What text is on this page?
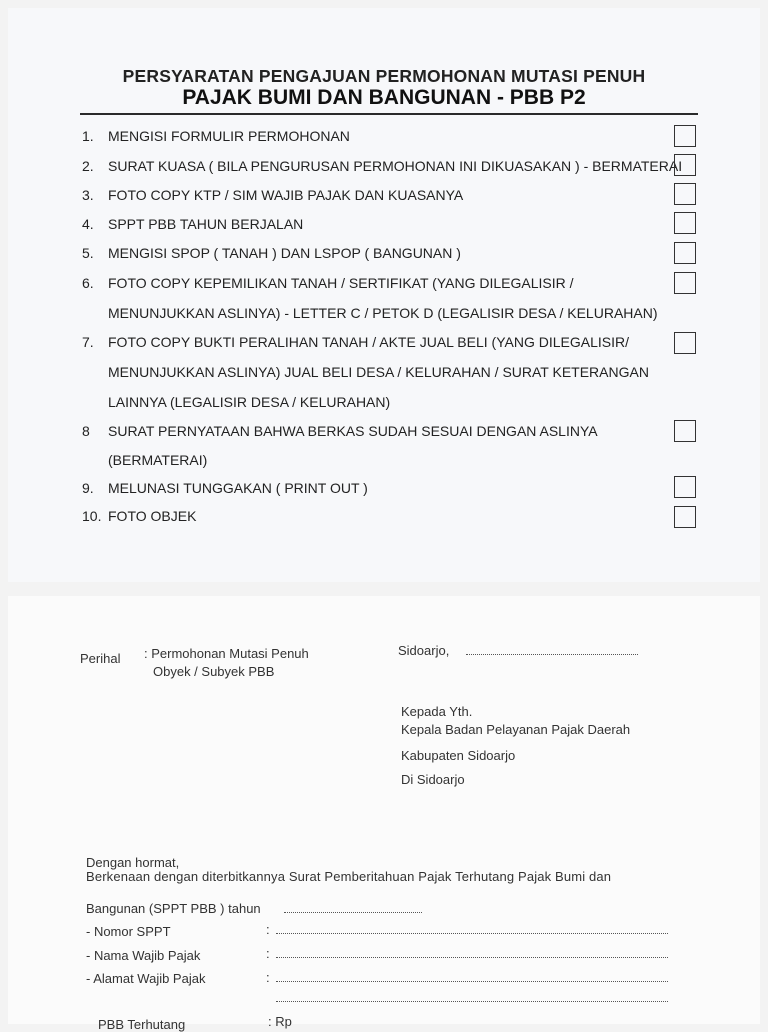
PERSYARATAN PENGAJUAN PERMOHONAN MUTASI PENUH
PAJAK BUMI DAN BANGUNAN - PBB P2
1.	MENGISI FORMULIR PERMOHONAN
2.	SURAT KUASA ( BILA PENGURUSAN PERMOHONAN INI DIKUASAKAN ) - BERMATERAI
3.	FOTO COPY KTP / SIM WAJIB PAJAK DAN KUASANYA
4.	SPPT PBB TAHUN BERJALAN
5.	MENGISI SPOP ( TANAH ) DAN LSPOP ( BANGUNAN )
6.	FOTO COPY KEPEMILIKAN TANAH / SERTIFIKAT (YANG DILEGALISIR /
MENUNJUKKAN ASLINYA) - LETTER C / PETOK D (LEGALISIR DESA / KELURAHAN)
7.	FOTO COPY BUKTI PERALIHAN TANAH / AKTE JUAL BELI (YANG DILEGALISIR/
MENUNJUKKAN ASLINYA) JUAL BELI DESA / KELURAHAN / SURAT KETERANGAN
LAINNYA (LEGALISIR DESA / KELURAHAN)
8	SURAT PERNYATAAN BAHWA BERKAS SUDAH SESUAI DENGAN ASLINYA
(BERMATERAI)
9.	MELUNASI TUNGGAKAN ( PRINT OUT )
10. FOTO OBJEK
Perihal : Permohonan Mutasi Penuh
Obyek / Subyek PBB
Sidoarjo,
Kepada Yth.
Kepala Badan Pelayanan Pajak Daerah
Kabupaten Sidoarjo
Di Sidoarjo
Dengan hormat,
Berkenaan dengan diterbitkannya Surat Pemberitahuan Pajak Terhutang Pajak Bumi dan
Bangunan (SPPT PBB ) tahun
- Nomor SPPT	:
- Nama Wajib Pajak	:
- Alamat Wajib Pajak	:
PBB Terhutang	: Rp
